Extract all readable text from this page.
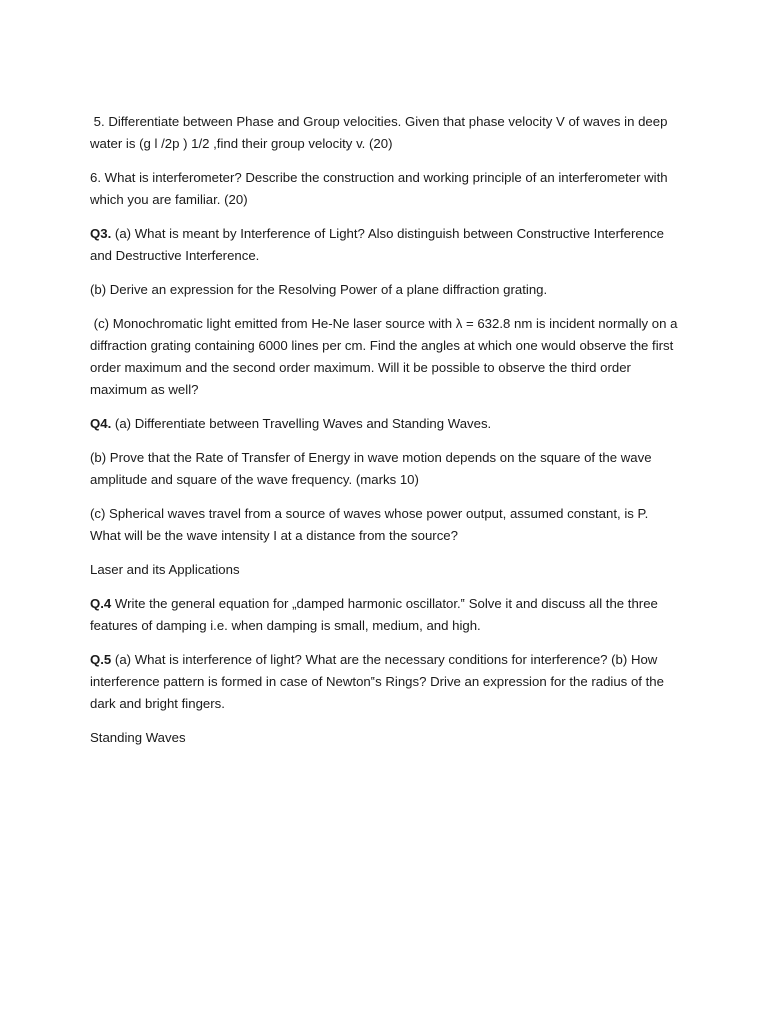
5. Differentiate between Phase and Group velocities. Given that phase velocity V of waves in deep water is (g l /2p ) 1/2 ,find their group velocity v. (20)

6. What is interferometer? Describe the construction and working principle of an interferometer with which you are familiar. (20)

Q3. (a) What is meant by Interference of Light? Also distinguish between Constructive Interference and Destructive Interference.

(b) Derive an expression for the Resolving Power of a plane diffraction grating.

(c) Monochromatic light emitted from He-Ne laser source with λ = 632.8 nm is incident normally on a diffraction grating containing 6000 lines per cm. Find the angles at which one would observe the first order maximum and the second order maximum. Will it be possible to observe the third order maximum as well?

Q4. (a) Differentiate between Travelling Waves and Standing Waves.

(b) Prove that the Rate of Transfer of Energy in wave motion depends on the square of the wave amplitude and square of the wave frequency. (marks 10)

(c) Spherical waves travel from a source of waves whose power output, assumed constant, is P. What will be the wave intensity I at a distance from the source?

Laser and its Applications

Q.4 Write the general equation for „damped harmonic oscillator.‟ Solve it and discuss all the three features of damping i.e. when damping is small, medium, and high.

Q.5 (a) What is interference of light? What are the necessary conditions for interference? (b) How interference pattern is formed in case of Newton‟s Rings? Drive an expression for the radius of the dark and bright fingers.

Standing Waves
